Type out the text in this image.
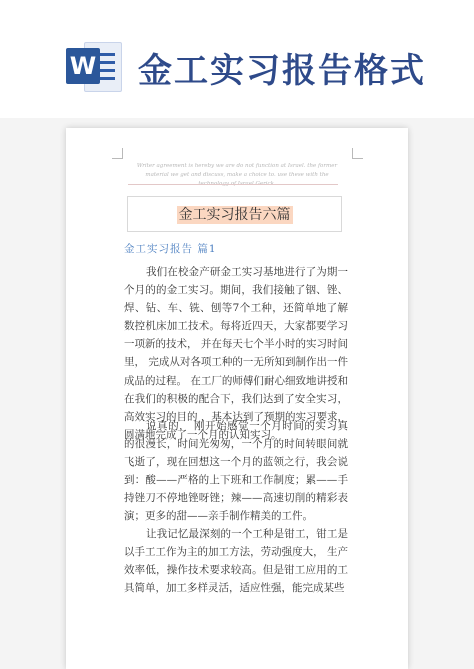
W 金工实习报告格式
Writer agreement is hereby we are do not function at Israel. the former material we get and discuss, make a choice to. use these with the technology of Israel Gerick.
金工实习报告六篇
金工实习报告 篇1

我们在校金产研金工实习基地进行了为期一个月的的金工实习。期间，我们接触了铟、锉、焊、钻、车、铣、刨等7个工种，还简单地了解数控机床加工技术。每将近四天，大家都要学习一项新的技术， 并在每天七个半小时的实习时间里， 完成从对各项工种的一无所知到制作出一件成品的过程。 在工厂的师傅们耐心细致地讲授和在我们的积极的配合下，我们达到了安全实习，高效实习的目的 ，基本达到了预期的实习要求，圆满地完成了一个月的认知实习。

说真的， 刚开始感觉一个月时间的实习真的很漫长，时间光匆匆，一个月的时间转眼间就飞逝了，现在回想这一个月的蓝领之行，我会说到：酸——严格的上下班和工作制度；累——手持锉刀不停地锉呀锉；辣——高速切削的精彩表演；更多的甜——亲手制作精美的工件。

让我记忆最深刻的一个工种是钳工，钳工是以手工工作为主的加工方法，劳动强度大， 生产效率低，操作技术要求较高。但是钳工应用的工具简单，加工多样灵活，适应性强，能完成某些
